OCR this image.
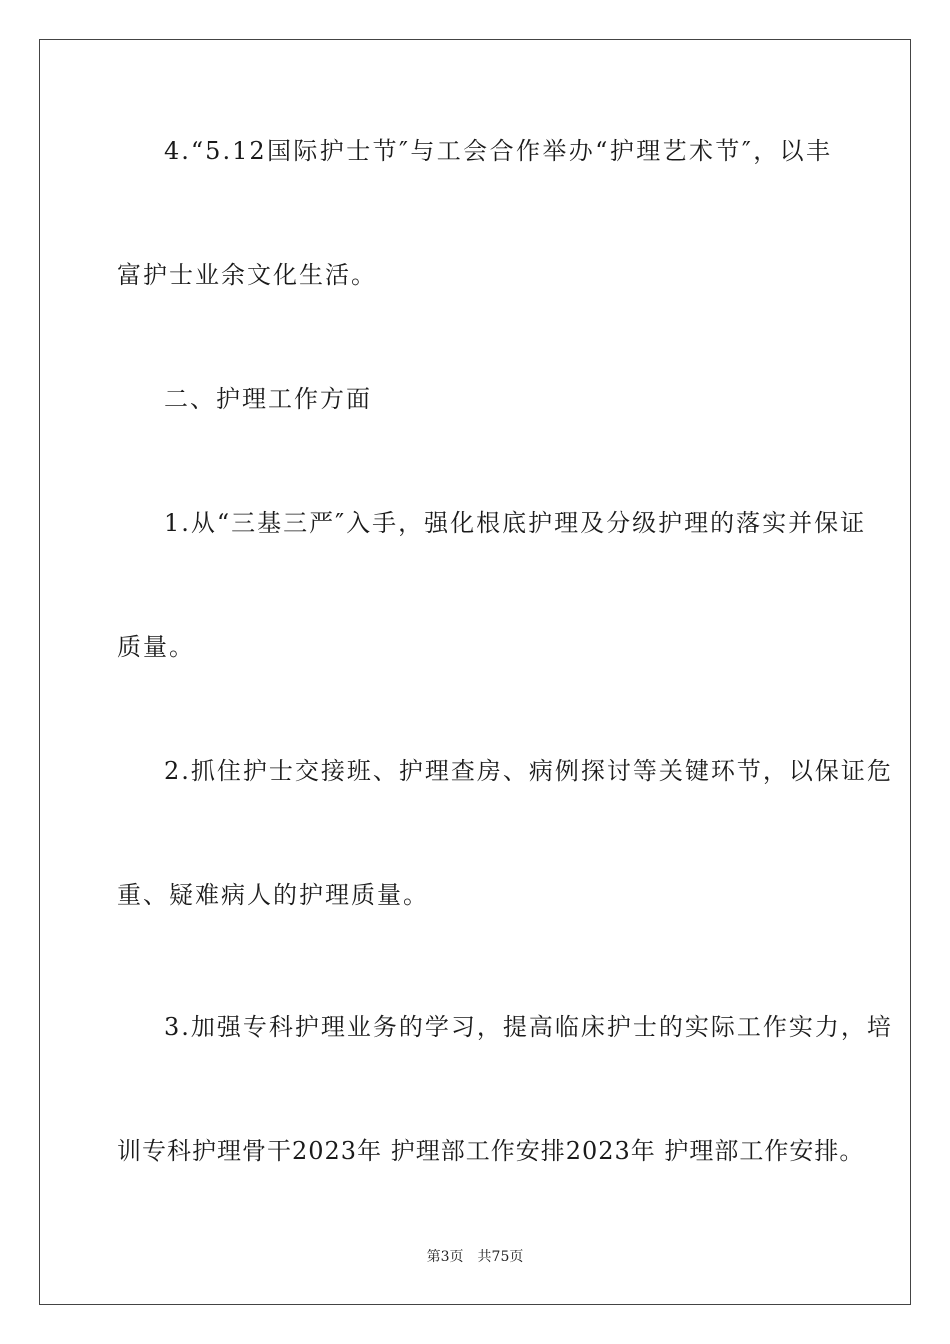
4.“5.12国际护士节″与工会合作举办“护理艺术节″，以丰
富护士业余文化生活。
二、护理工作方面
1.从“三基三严″入手，强化根底护理及分级护理的落实并保证
质量。
2.抓住护士交接班、护理查房、病例探讨等关键环节，以保证危
重、疑难病人的护理质量。
3.加强专科护理业务的学习，提高临床护士的实际工作实力，培
训专科护理骨干2023年 护理部工作安排2023年 护理部工作安排。
第3页　共75页
